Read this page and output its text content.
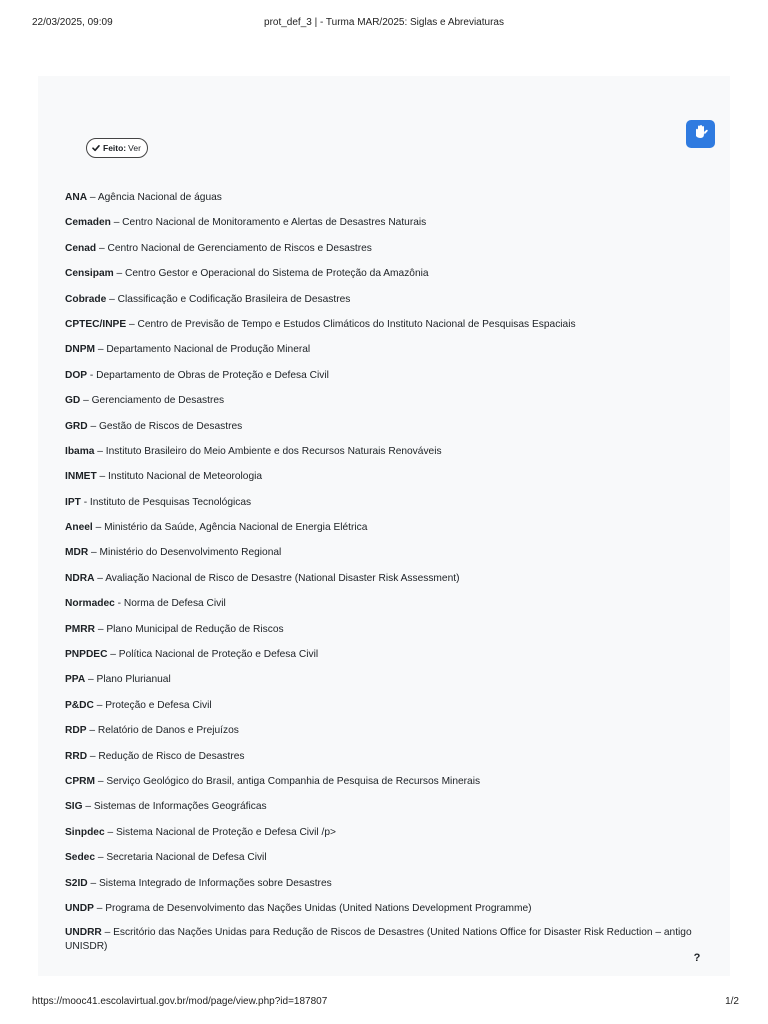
22/03/2025, 09:09	prot_def_3 | - Turma MAR/2025: Siglas e Abreviaturas
Feito: Ver
ANA – Agência Nacional de águas
Cemaden – Centro Nacional de Monitoramento e Alertas de Desastres Naturais
Cenad – Centro Nacional de Gerenciamento de Riscos e Desastres
Censipam – Centro Gestor e Operacional do Sistema de Proteção da Amazônia
Cobrade – Classificação e Codificação Brasileira de Desastres
CPTEC/INPE – Centro de Previsão de Tempo e Estudos Climáticos do Instituto Nacional de Pesquisas Espaciais
DNPM – Departamento Nacional de Produção Mineral
DOP - Departamento de Obras de Proteção e Defesa Civil
GD – Gerenciamento de Desastres
GRD – Gestão de Riscos de Desastres
Ibama – Instituto Brasileiro do Meio Ambiente e dos Recursos Naturais Renováveis
INMET – Instituto Nacional de Meteorologia
IPT - Instituto de Pesquisas Tecnológicas
Aneel – Ministério da Saúde, Agência Nacional de Energia Elétrica
MDR – Ministério do Desenvolvimento Regional
NDRA – Avaliação Nacional de Risco de Desastre (National Disaster Risk Assessment)
Normadec - Norma de Defesa Civil
PMRR – Plano Municipal de Redução de Riscos
PNPDEC – Política Nacional de Proteção e Defesa Civil
PPA – Plano Plurianual
P&DC – Proteção e Defesa Civil
RDP – Relatório de Danos e Prejuízos
RRD – Redução de Risco de Desastres
CPRM – Serviço Geológico do Brasil, antiga Companhia de Pesquisa de Recursos Minerais
SIG – Sistemas de Informações Geográficas
Sinpdec – Sistema Nacional de Proteção e Defesa Civil /p>
Sedec – Secretaria Nacional de Defesa Civil
S2ID – Sistema Integrado de Informações sobre Desastres
UNDP – Programa de Desenvolvimento das Nações Unidas (United Nations Development Programme)
UNDRR – Escritório das Nações Unidas para Redução de Riscos de Desastres (United Nations Office for Disaster Risk Reduction – antigo UNISDR)
?
https://mooc41.escolavirtual.gov.br/mod/page/view.php?id=187807	1/2
